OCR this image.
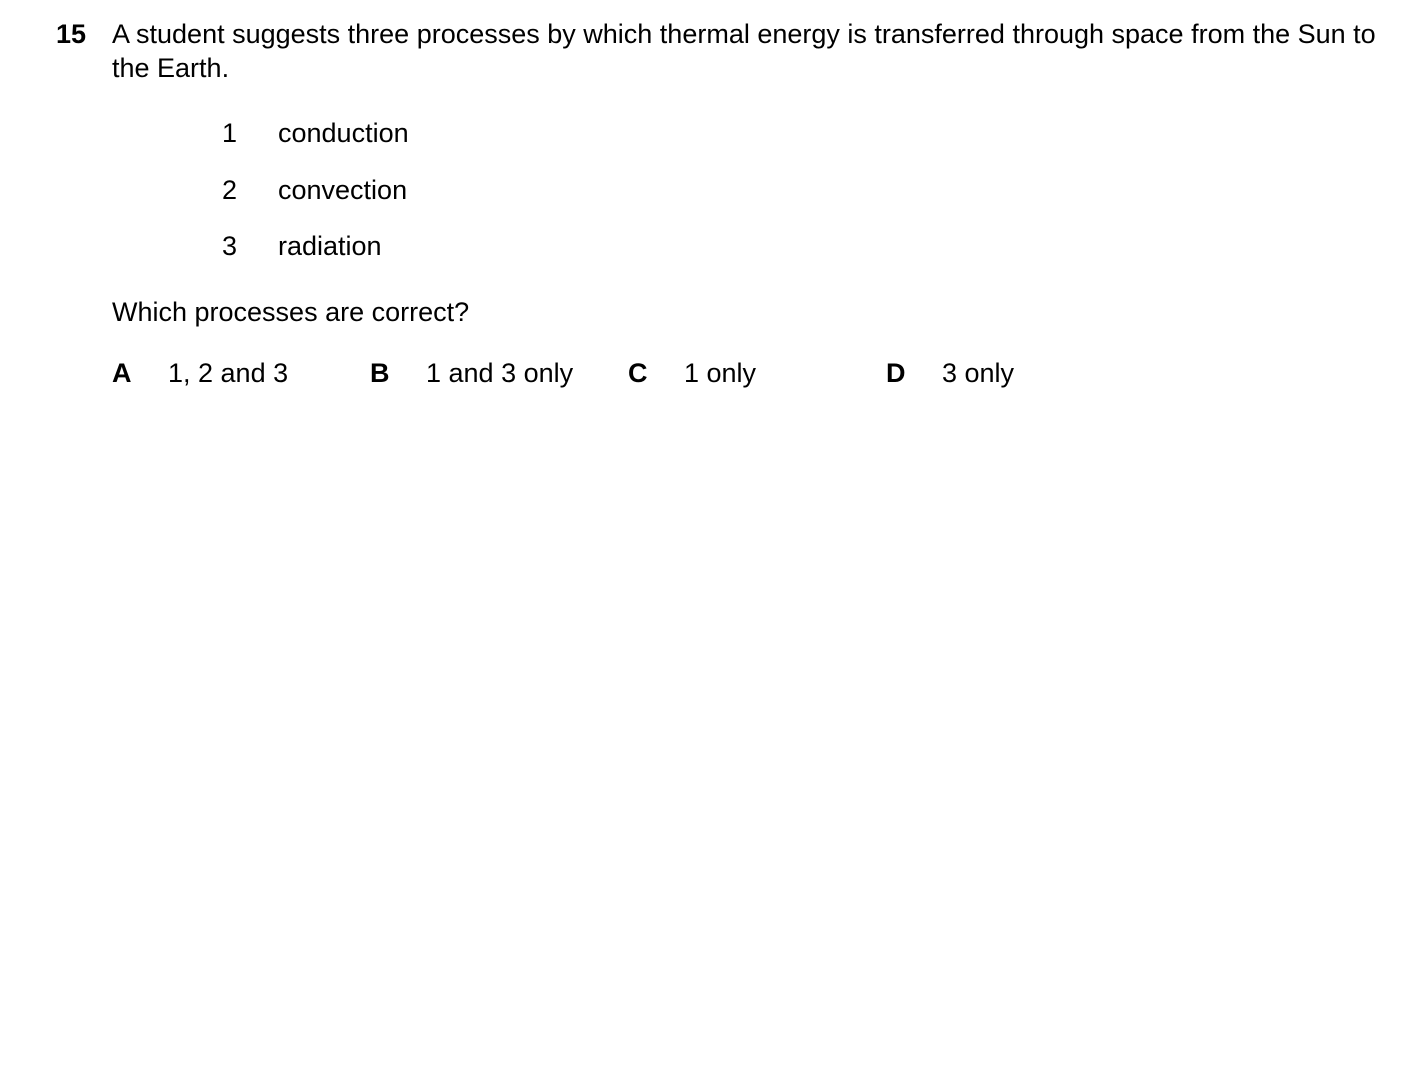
15 A student suggests three processes by which thermal energy is transferred through space from the Sun to the Earth.
1	conduction
2	convection
3	radiation
Which processes are correct?
A 1, 2 and 3	B 1 and 3 only C 1 only	D 3 only
